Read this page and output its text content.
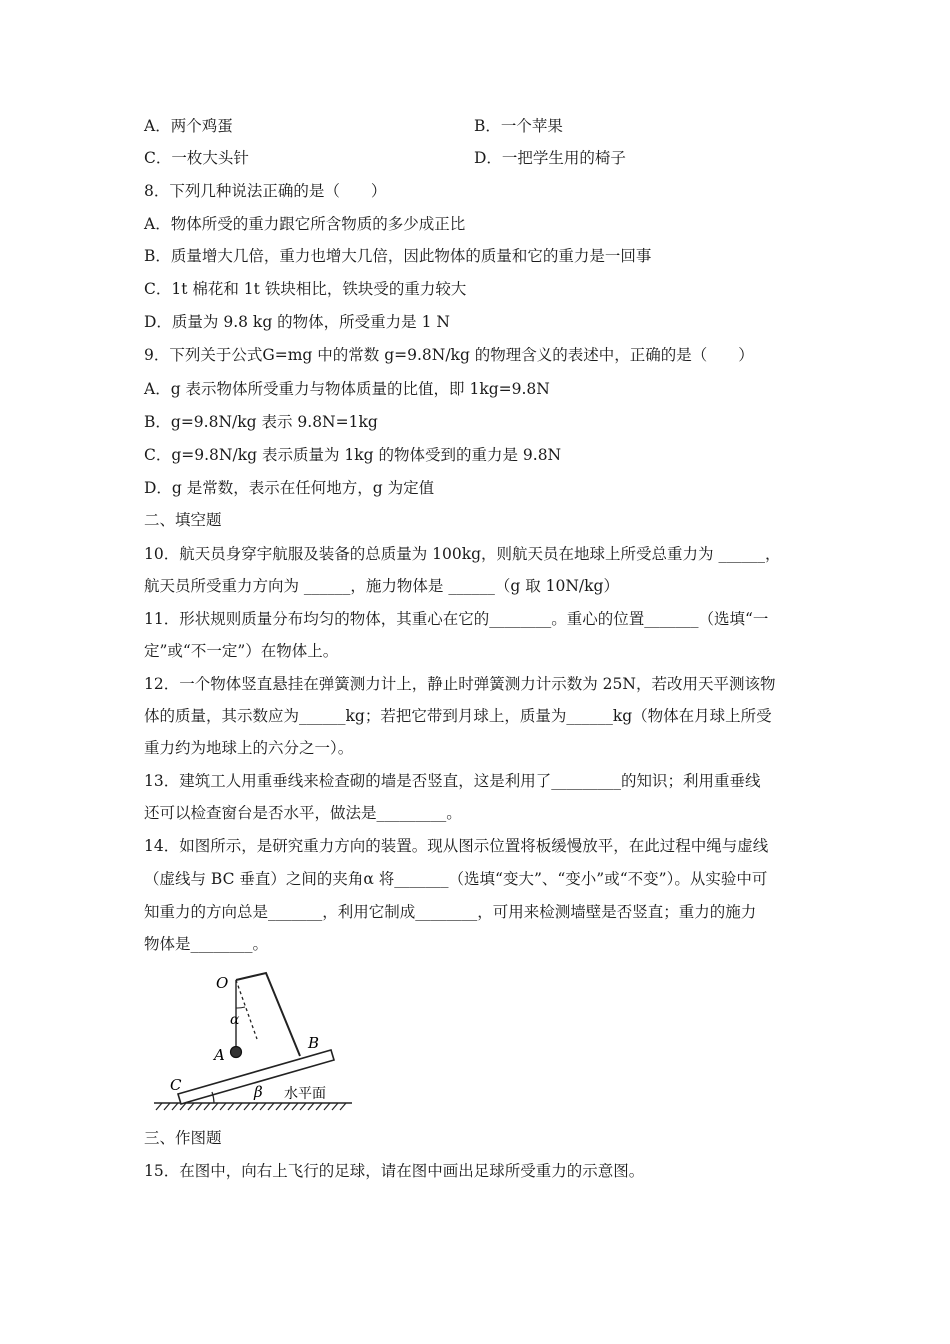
A．两个鸡蛋	B．一个苹果
C．一枚大头针	D．一把学生用的椅子
8．下列几种说法正确的是（　　）
A．物体所受的重力跟它所含物质的多少成正比
B．质量增大几倍，重力也增大几倍，因此物体的质量和它的重力是一回事
C．1t 棉花和 1t 铁块相比，铁块受的重力较大
D．质量为 9.8 kg 的物体，所受重力是 1 N
9．下列关于公式G=mg 中的常数 g=9.8N/kg 的物理含义的表述中，正确的是（　　）
A．g 表示物体所受重力与物体质量的比值，即 1kg=9.8N
B．g=9.8N/kg 表示 9.8N=1kg
C．g=9.8N/kg 表示质量为 1kg 的物体受到的重力是 9.8N
D．g 是常数，表示在任何地方，g 为定值
二、填空题
10．航天员身穿宇航服及装备的总质量为 100kg，则航天员在地球上所受总重力为 ______，
航天员所受重力方向为 ______，施力物体是 ______（g 取 10N/kg）
11．形状规则质量分布均匀的物体，其重心在它的________。重心的位置_______（选填“一
定”或“不一定”）在物体上。
12．一个物体竖直悬挂在弹簧测力计上，静止时弹簧测力计示数为 25N，若改用天平测该物
体的质量，其示数应为______kg；若把它带到月球上，质量为______kg（物体在月球上所受
重力约为地球上的六分之一）。
13．建筑工人用重垂线来检查砌的墙是否竖直，这是利用了_________的知识；利用重垂线
还可以检查窗台是否水平，做法是_________。
14．如图所示，是研究重力方向的装置。现从图示位置将板缓慢放平，在此过程中绳与虚线
（虚线与 BC 垂直）之间的夹角α 将_______（选填“变大”、“变小”或“不变”）。从实验中可
知重力的方向总是_______，利用它制成________，可用来检测墙壁是否竖直；重力的施力
物体是________。
O
α
A
B
C	β 水平面
三、作图题
15．在图中，向右上飞行的足球，请在图中画出足球所受重力的示意图。
